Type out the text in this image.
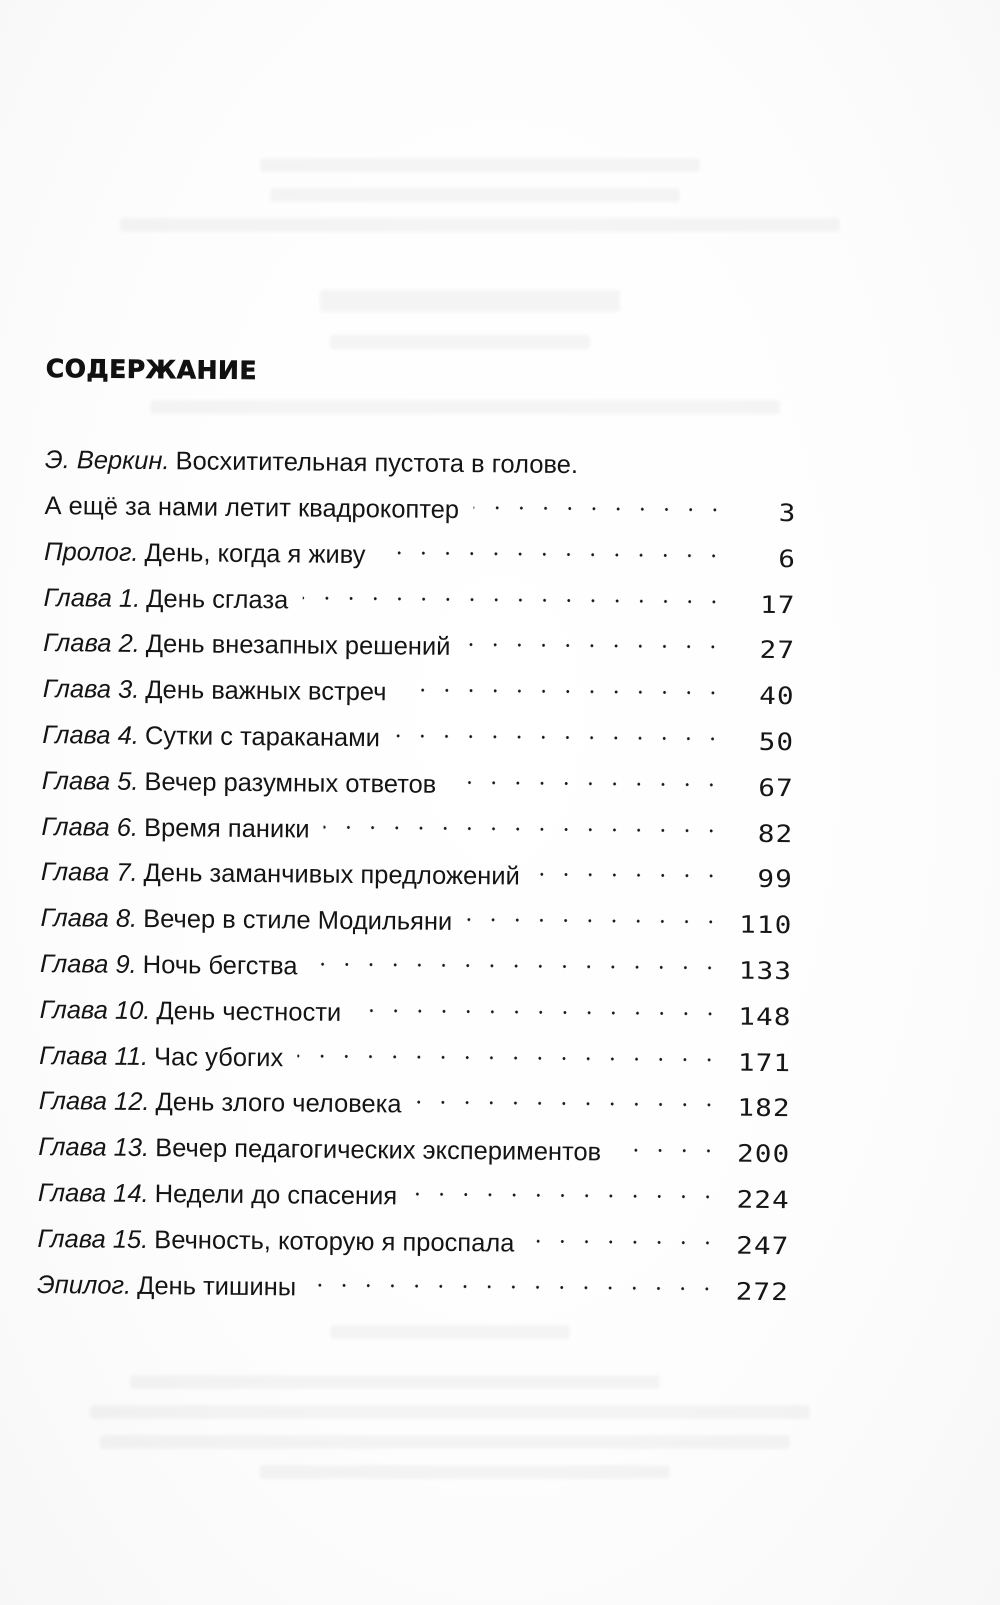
СОДЕРЖАНИЕ
Э. Веркин. Восхитительная пустота в голове.
А ещё за нами летит квадрокоптер	3
Пролог. День, когда я живу	6
Глава 1. День сглаза	17
Глава 2. День внезапных решений	27
Глава 3. День важных встреч	40
Глава 4. Сутки с тараканами	50
Глава 5. Вечер разумных ответов	67
Глава 6. Время паники	82
Глава 7. День заманчивых предложений	99
Глава 8. Вечер в стиле Модильяни	110
Глава 9. Ночь бегства	133
Глава 10. День честности	148
Глава 11. Час убогих	171
Глава 12. День злого человека	182
Глава 13. Вечер педагогических экспериментов	200
Глава 14. Недели до спасения	224
Глава 15. Вечность, которую я проспала	247
Эпилог. День тишины	272
